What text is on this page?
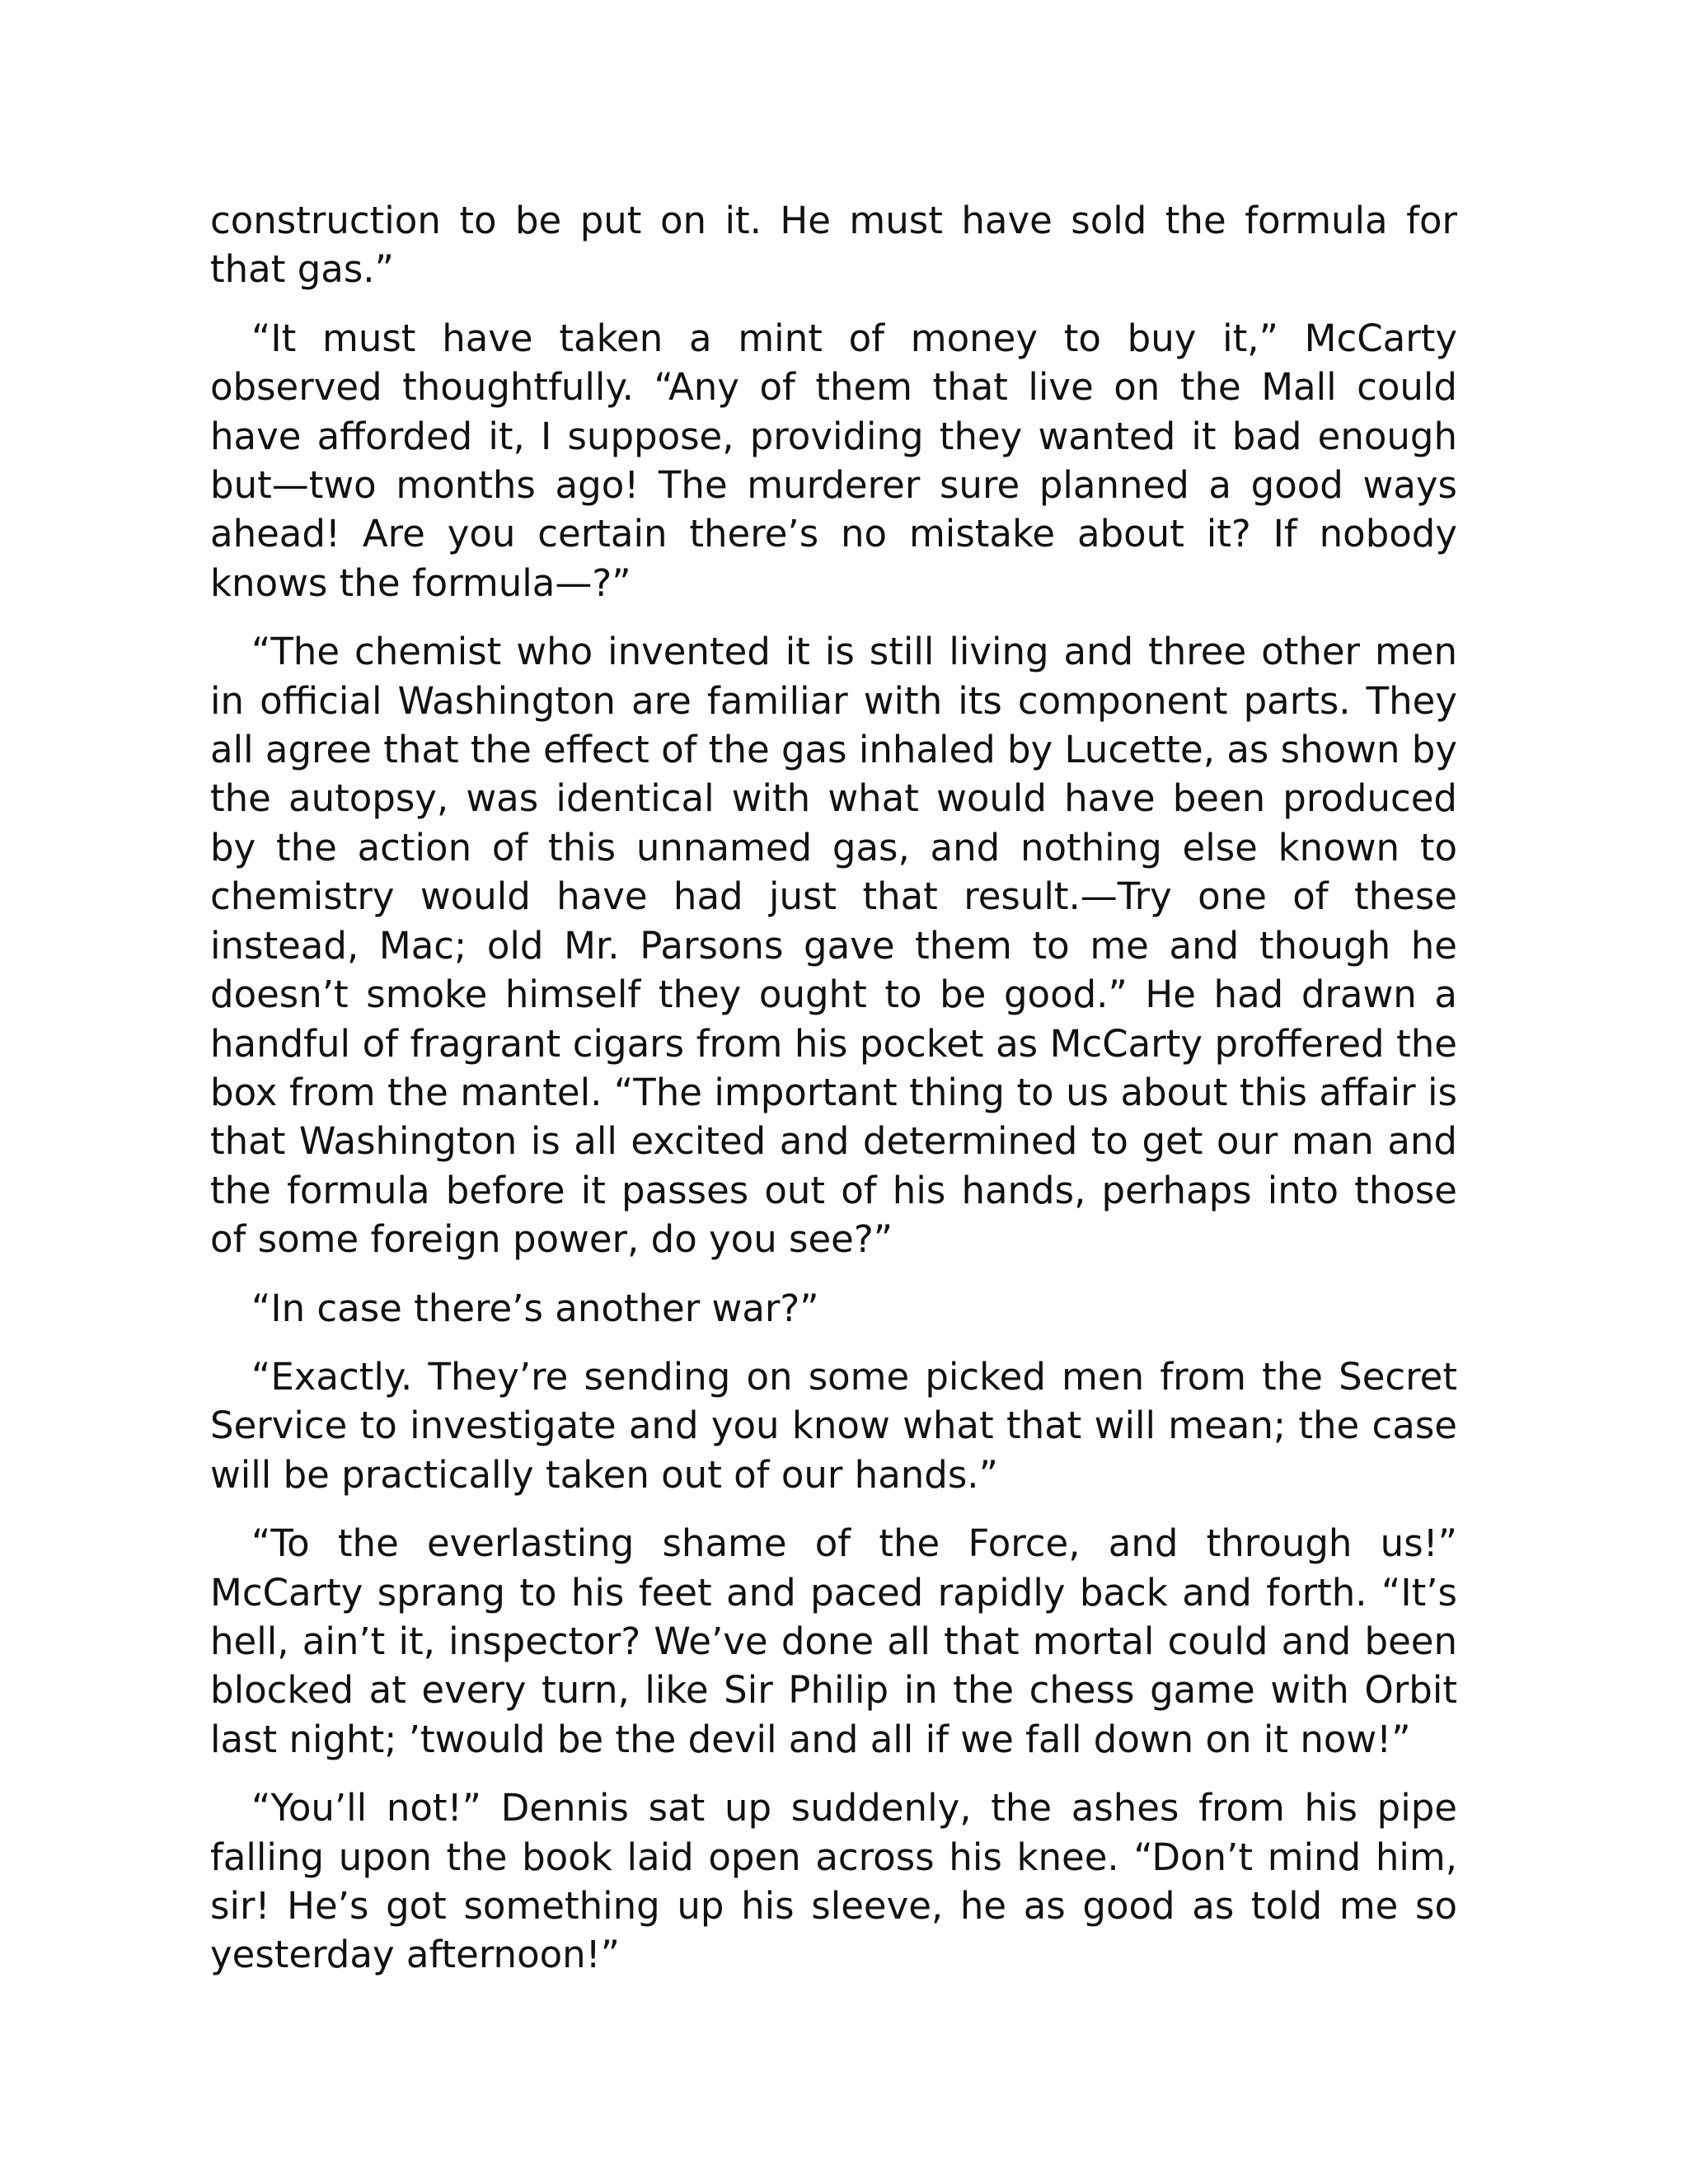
construction to be put on it. He must have sold the formula for that gas.”

“It must have taken a mint of money to buy it,” McCarty observed thoughtfully. “Any of them that live on the Mall could have afforded it, I suppose, providing they wanted it bad enough but—two months ago! The murderer sure planned a good ways ahead! Are you certain there’s no mistake about it? If nobody knows the formula—?”

“The chemist who invented it is still living and three other men in official Washington are familiar with its component parts. They all agree that the effect of the gas inhaled by Lucette, as shown by the autopsy, was identical with what would have been produced by the action of this unnamed gas, and nothing else known to chemistry would have had just that result.—Try one of these instead, Mac; old Mr. Parsons gave them to me and though he doesn’t smoke himself they ought to be good.” He had drawn a handful of fragrant cigars from his pocket as McCarty proffered the box from the mantel. “The important thing to us about this affair is that Washington is all excited and determined to get our man and the formula before it passes out of his hands, perhaps into those of some foreign power, do you see?”

“In case there’s another war?”

“Exactly. They’re sending on some picked men from the Secret Service to investigate and you know what that will mean; the case will be practically taken out of our hands.”

“To the everlasting shame of the Force, and through us!” McCarty sprang to his feet and paced rapidly back and forth. “It’s hell, ain’t it, inspector? We’ve done all that mortal could and been blocked at every turn, like Sir Philip in the chess game with Orbit last night; ’twould be the devil and all if we fall down on it now!”

“You’ll not!” Dennis sat up suddenly, the ashes from his pipe falling upon the book laid open across his knee. “Don’t mind him, sir! He’s got something up his sleeve, he as good as told me so yesterday afternoon!”
